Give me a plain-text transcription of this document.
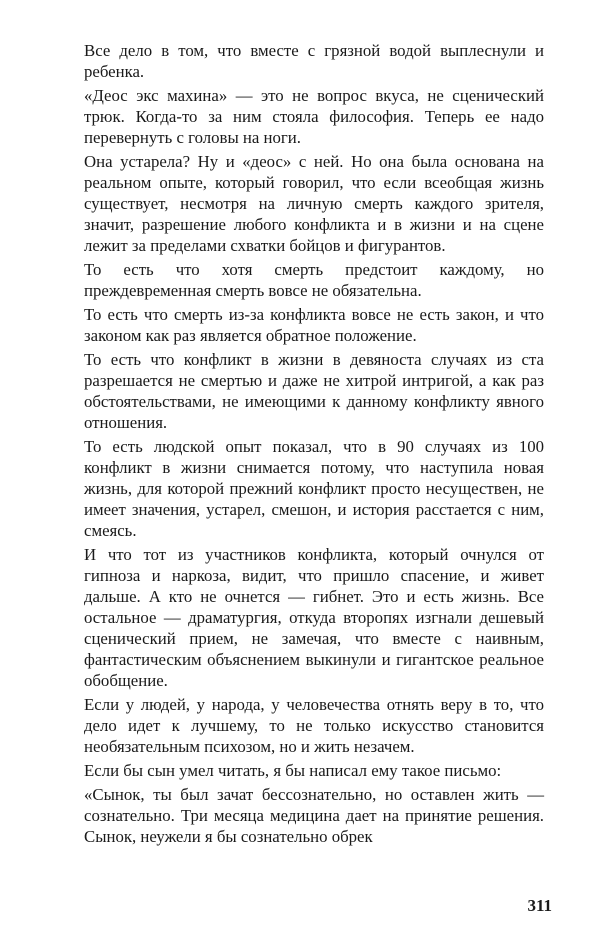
Все дело в том, что вместе с грязной водой выплеснули и ребенка.

«Деос экс махина» — это не вопрос вкуса, не сценический трюк. Когда-то за ним стояла философия. Теперь ее надо перевернуть с головы на ноги.

Она устарела? Ну и «деос» с ней. Но она была основана на реальном опыте, который говорил, что если всеобщая жизнь существует, несмотря на личную смерть каждого зрителя, значит, разрешение любого конфликта и в жизни и на сцене лежит за пределами схватки бойцов и фигурантов.

То есть что хотя смерть предстоит каждому, но преждевременная смерть вовсе не обязательна.

То есть что смерть из-за конфликта вовсе не есть закон, и что законом как раз является обратное положение.

То есть что конфликт в жизни в девяноста случаях из ста разрешается не смертью и даже не хитрой интригой, а как раз обстоятельствами, не имеющими к данному конфликту явного отношения.

То есть людской опыт показал, что в 90 случаях из 100 конфликт в жизни снимается потому, что наступила новая жизнь, для которой прежний конфликт просто несуществен, не имеет значения, устарел, смешон, и история расстается с ним, смеясь.

И что тот из участников конфликта, который очнулся от гипноза и наркоза, видит, что пришло спасение, и живет дальше. А кто не очнется — гибнет. Это и есть жизнь. Все остальное — драматургия, откуда второпях изгнали дешевый сценический прием, не замечая, что вместе с наивным, фантастическим объяснением выкинули и гигантское реальное обобщение.

Если у людей, у народа, у человечества отнять веру в то, что дело идет к лучшему, то не только искусство становится необязательным психозом, но и жить незачем.

Если бы сын умел читать, я бы написал ему такое письмо:

«Сынок, ты был зачат бессознательно, но оставлен жить — сознательно. Три месяца медицина дает на принятие решения. Сынок, неужели я бы сознательно обрек

311
